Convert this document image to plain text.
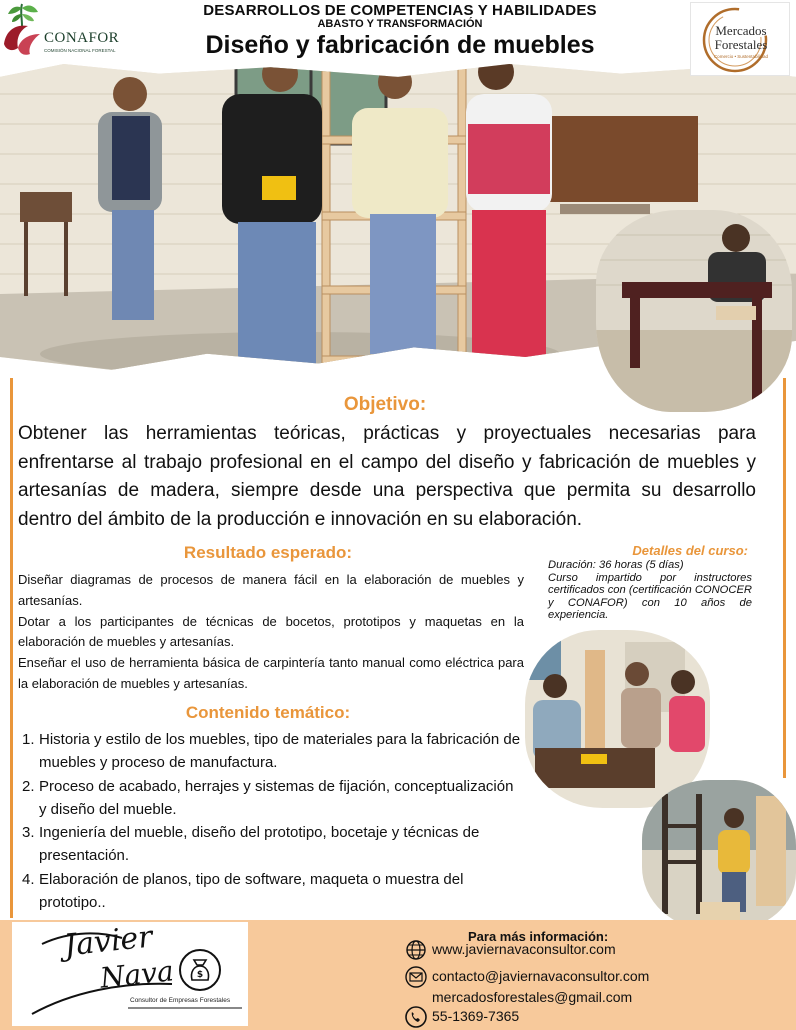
CONAFOR
COMISIÓN NACIONAL FORESTAL
DESARROLLOS DE COMPETENCIAS Y HABILIDADES
ABASTO Y TRANSFORMACIÓN
Diseño y fabricación de muebles
Mercados
Forestales
Comercio • Sustentabilidad
Objetivo:

Obtener las herramientas teóricas, prácticas y proyectuales necesarias para enfrentarse al trabajo profesional en el campo del diseño y fabricación de muebles y artesanías de madera, siempre desde una perspectiva que permita su desarrollo dentro del ámbito de la producción e innovación en su elaboración.

Resultado esperado:
Diseñar diagramas de procesos de manera fácil en la elaboración de muebles y artesanías.
Dotar a los participantes de técnicas de bocetos, prototipos y maquetas en la elaboración de muebles y artesanías.
Enseñar el uso de herramienta básica de carpintería tanto manual como eléctrica para la elaboración de muebles y artesanías.
Detalles del curso:
Duración: 36 horas (5 días)
Curso impartido por instructores certificados con (certificación CONOCER y CONAFOR) con 10 años de experiencia.
Contenido temático:
1. Historia y estilo de los muebles, tipo de materiales para la fabricación de muebles y proceso de manufactura.
2. Proceso de acabado, herrajes y sistemas de fijación, conceptualización y diseño del mueble.
3. Ingeniería del mueble, diseño del prototipo, bocetaje y técnicas de presentación.
4. Elaboración de planos, tipo de software, maqueta o muestra del prototipo..
Javier
Nava $
Consultor de Empresas Forestales
Para más información:
www.javiernavaconsultor.com
contacto@javiernavaconsultor.com
mercadosforestales@gmail.com
55-1369-7365
